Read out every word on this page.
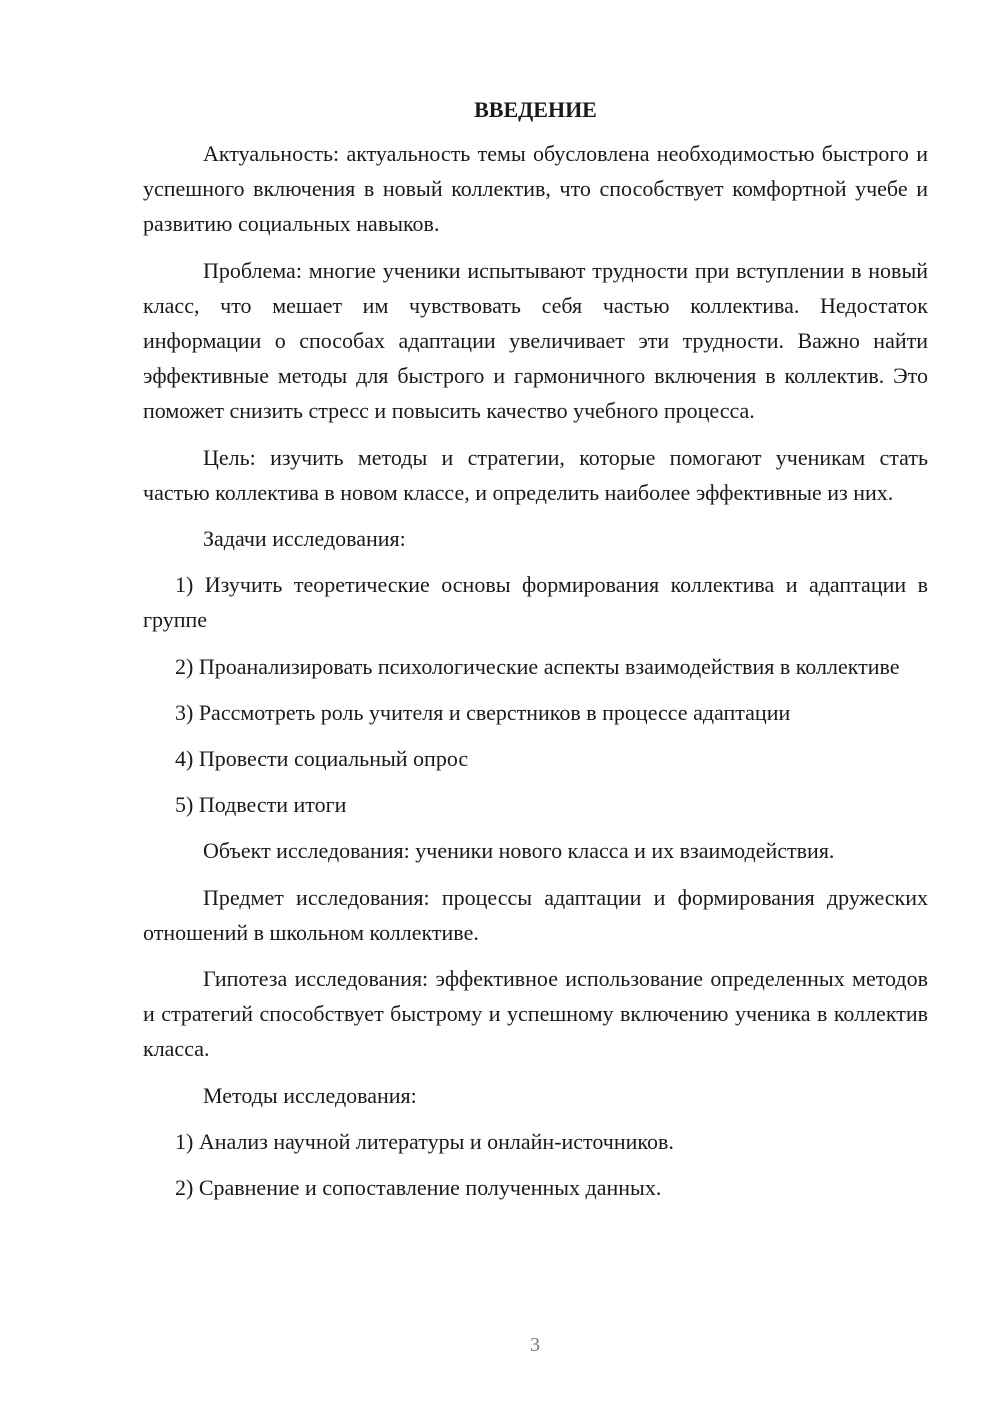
ВВЕДЕНИЕ
Актуальность: актуальность темы обусловлена необходимостью быстрого и успешного включения в новый коллектив, что способствует комфортной учебе и развитию социальных навыков.
Проблема: многие ученики испытывают трудности при вступлении в новый класс, что мешает им чувствовать себя частью коллектива. Недостаток информации о способах адаптации увеличивает эти трудности. Важно найти эффективные методы для быстрого и гармоничного включения в коллектив. Это поможет снизить стресс и повысить качество учебного процесса.
Цель: изучить методы и стратегии, которые помогают ученикам стать частью коллектива в новом классе, и определить наиболее эффективные из них.
Задачи исследования:
1) Изучить теоретические основы формирования коллектива и адаптации в группе
2) Проанализировать психологические аспекты взаимодействия в коллективе
3) Рассмотреть роль учителя и сверстников в процессе адаптации
4) Провести социальный опрос
5) Подвести итоги
Объект исследования: ученики нового класса и их взаимодействия.
Предмет исследования: процессы адаптации и формирования дружеских отношений в школьном коллективе.
Гипотеза исследования: эффективное использование определенных методов и стратегий способствует быстрому и успешному включению ученика в коллектив класса.
Методы исследования:
1) Анализ научной литературы и онлайн-источников.
2) Сравнение и сопоставление полученных данных.
3
